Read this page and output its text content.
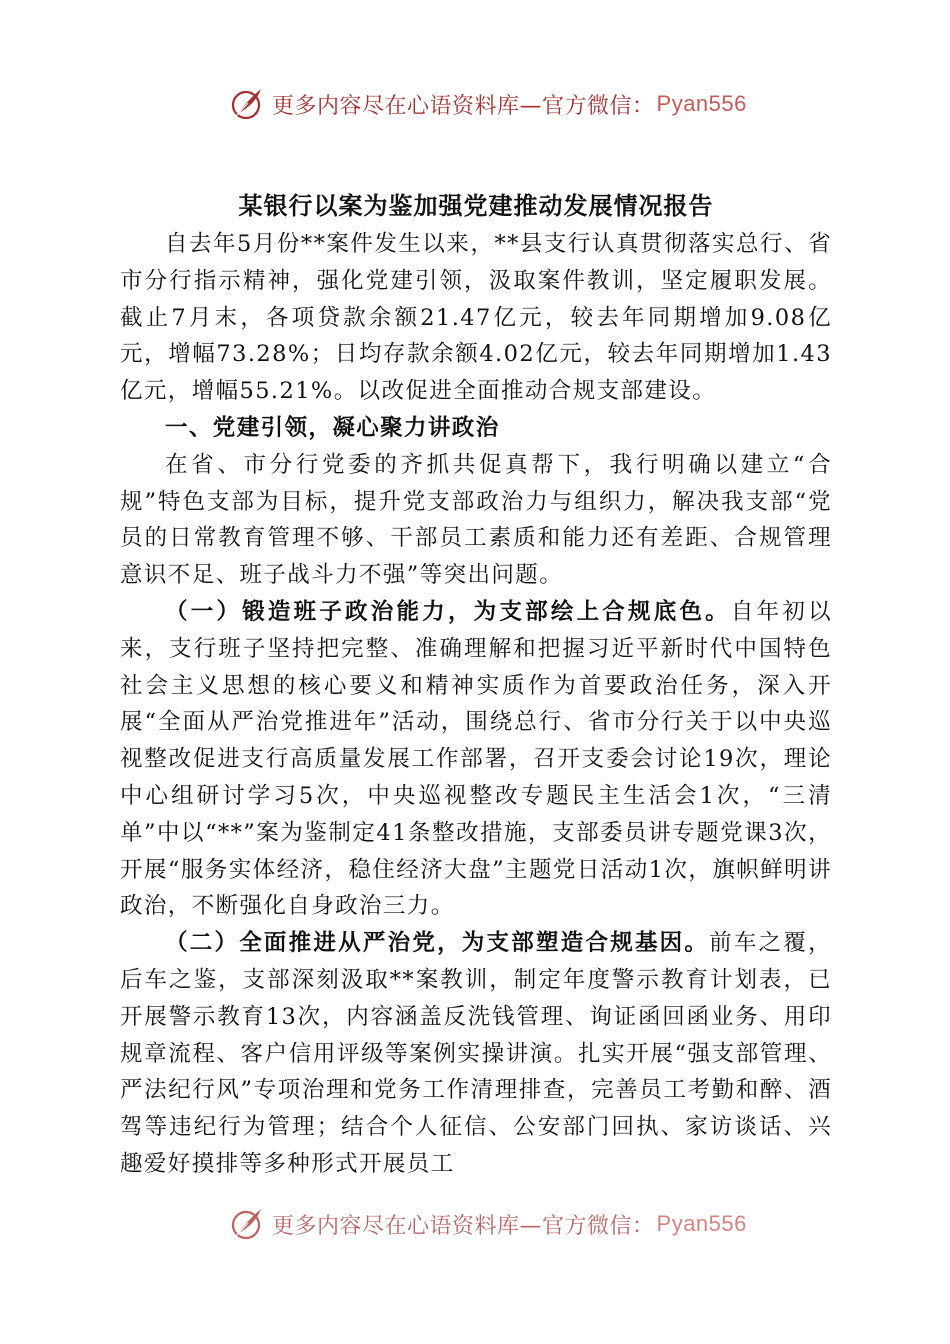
更多内容尽在心语资料库—官方微信： Pyan556
某银行以案为鉴加强党建推动发展情况报告

自去年5月份**案件发生以来，**县支行认真贯彻落实总行、省市分行指示精神，强化党建引领，汲取案件教训，坚定履职发展。截止7月末，各项贷款余额21.47亿元，较去年同期增加9.08亿元，增幅73.28%；日均存款余额4.02亿元，较去年同期增加1.43亿元，增幅55.21%。以改促进全面推动合规支部建设。

一、党建引领，凝心聚力讲政治

在省、市分行党委的齐抓共促真帮下，我行明确以建立“合规”特色支部为目标，提升党支部政治力与组织力，解决我支部“党员的日常教育管理不够、干部员工素质和能力还有差距、合规管理意识不足、班子战斗力不强”等突出问题。

（一）锻造班子政治能力，为支部绘上合规底色。自年初以来，支行班子坚持把完整、准确理解和把握习近平新时代中国特色社会主义思想的核心要义和精神实质作为首要政治任务，深入开展“全面从严治党推进年”活动，围绕总行、省市分行关于以中央巡视整改促进支行高质量发展工作部署，召开支委会讨论19次，理论中心组研讨学习5次，中央巡视整改专题民主生活会1次，“三清单”中以“**”案为鉴制定41条整改措施，支部委员讲专题党课3次，开展“服务实体经济，稳住经济大盘”主题党日活动1次，旗帜鲜明讲政治，不断强化自身政治三力。

（二）全面推进从严治党，为支部塑造合规基因。前车之覆，后车之鉴，支部深刻汲取**案教训，制定年度警示教育计划表，已开展警示教育13次，内容涵盖反洗钱管理、询证函回函业务、用印规章流程、客户信用评级等案例实操讲演。扎实开展“强支部管理、严法纪行风”专项治理和党务工作清理排查，完善员工考勤和醉、酒驾等违纪行为管理；结合个人征信、公安部门回执、家访谈话、兴趣爱好摸排等多种形式开展员工

更多内容尽在心语资料库—官方微信： Pyan556
